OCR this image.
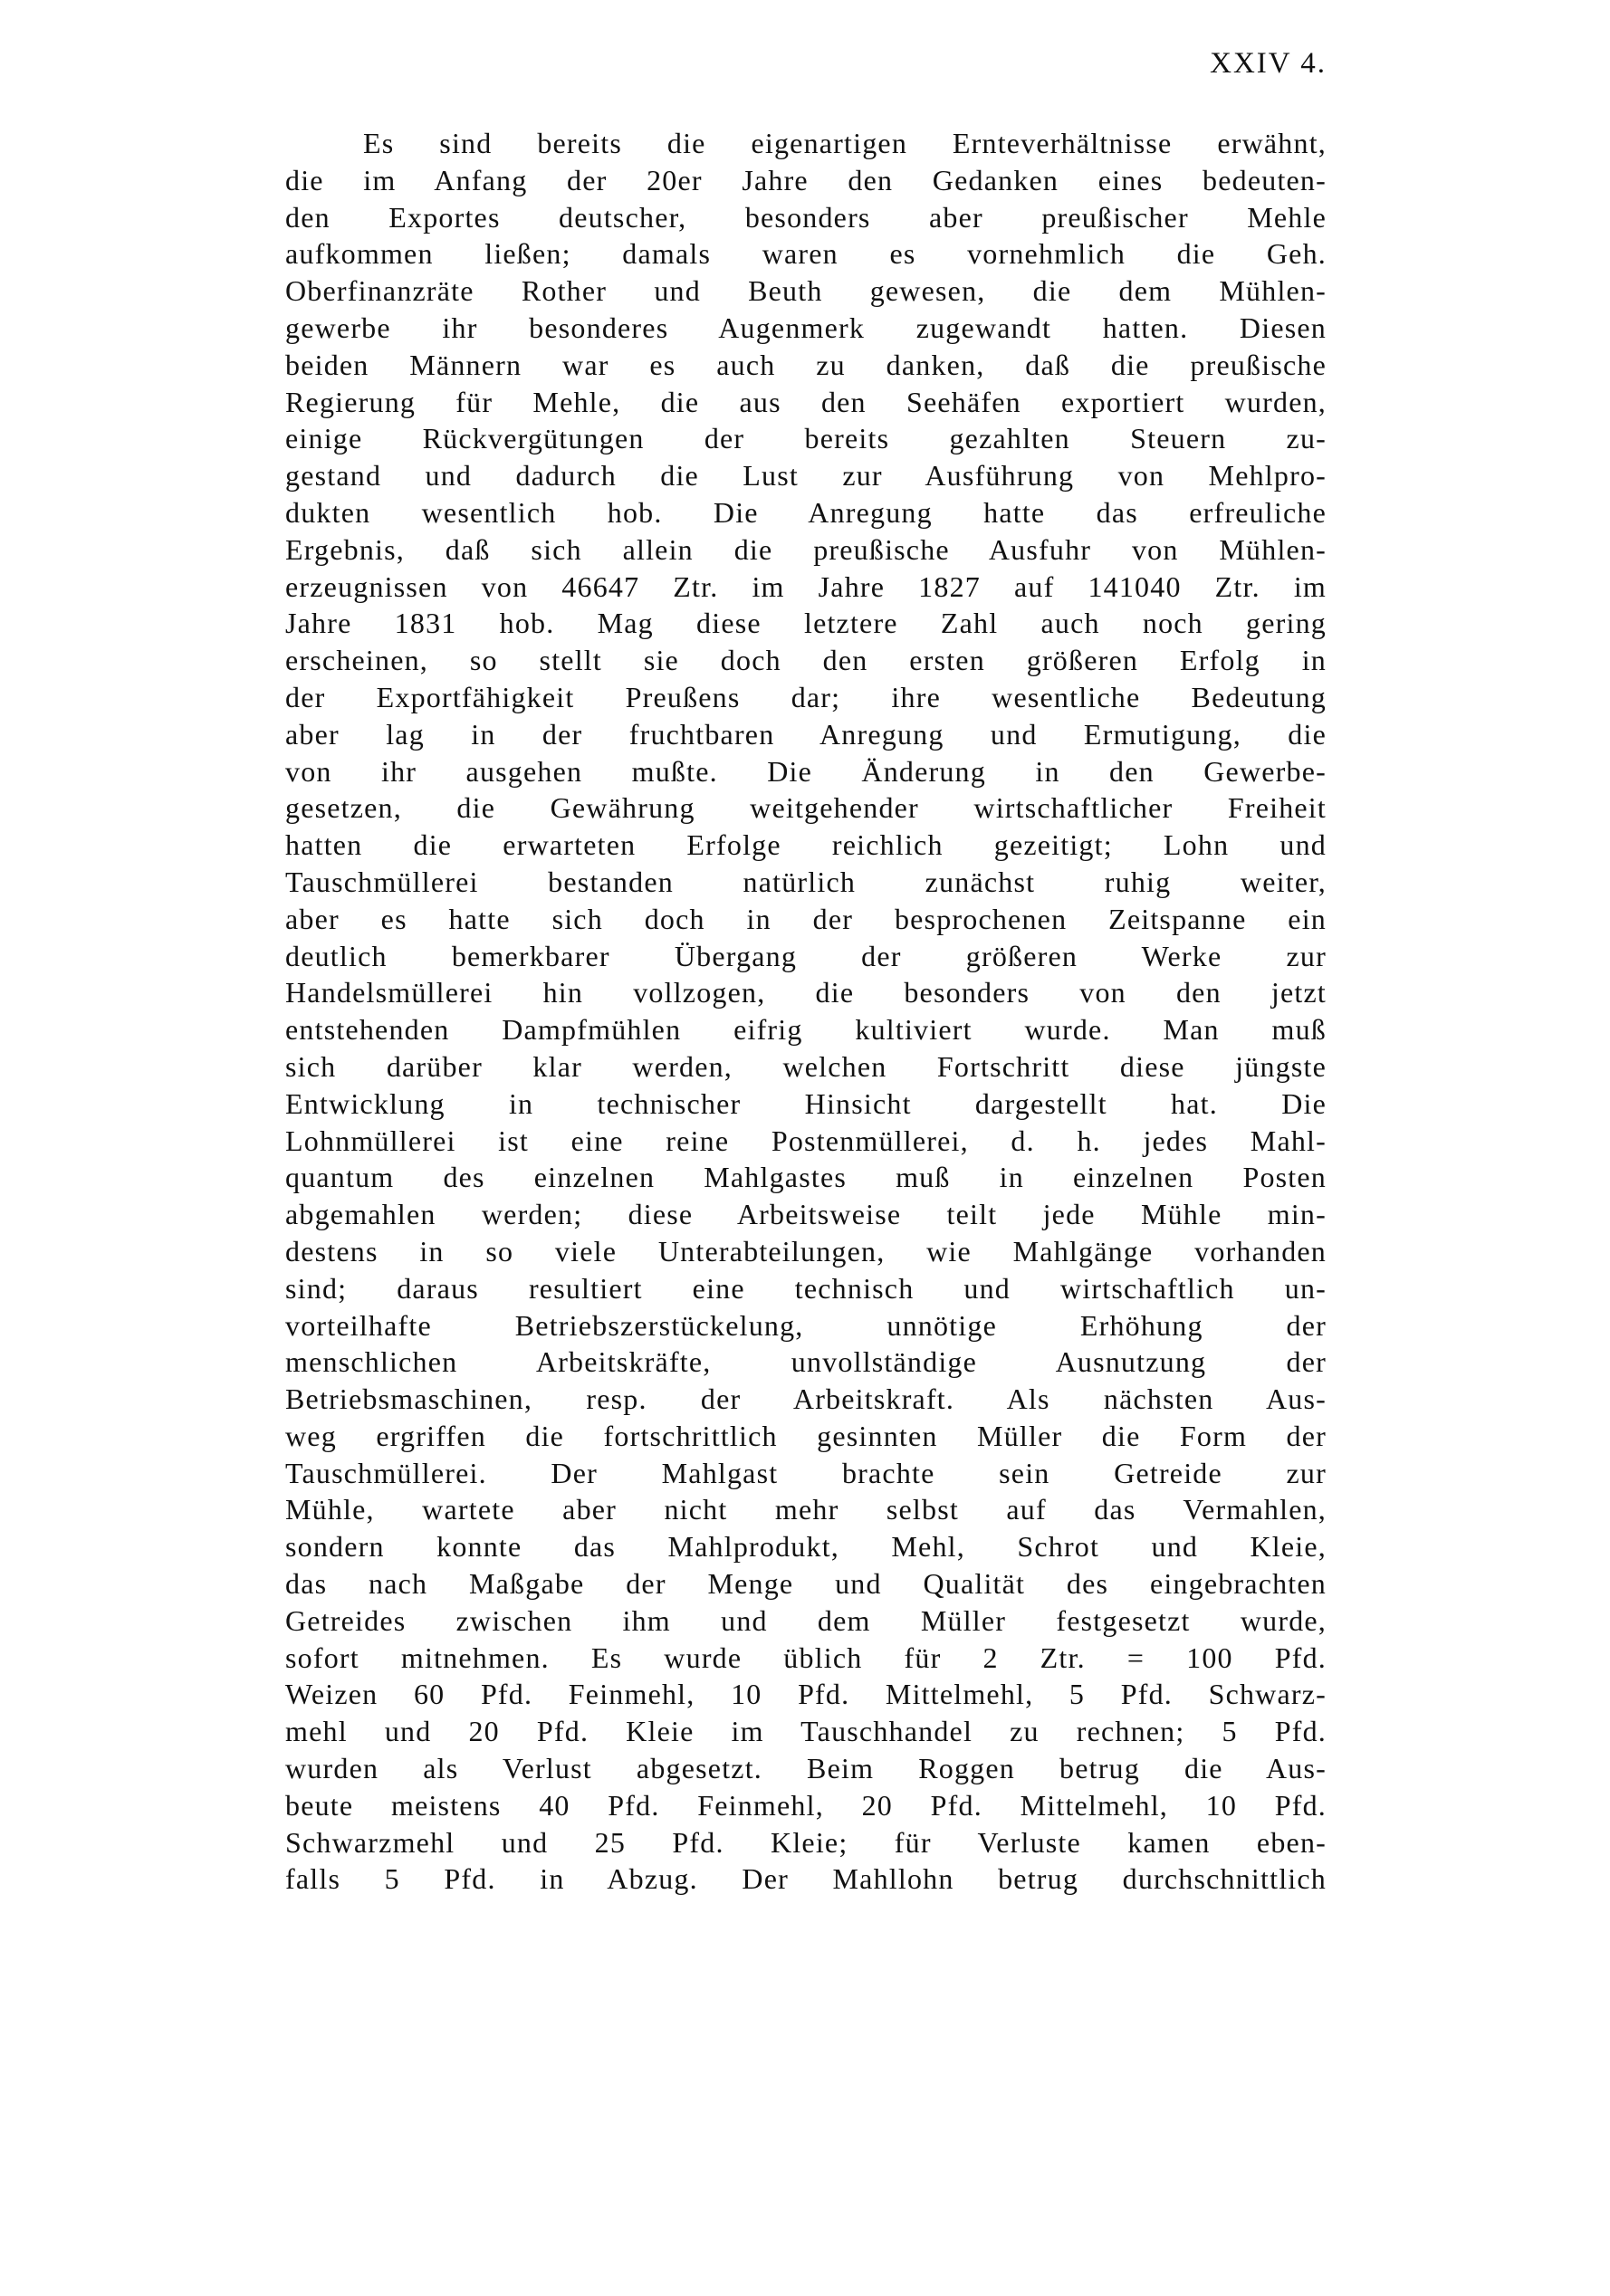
XXIV 4.
Es sind bereits die eigenartigen Ernteverhältnisse erwähnt,
die im Anfang der 20er Jahre den Gedanken eines bedeuten-
den Exportes deutscher, besonders aber preußischer Mehle
aufkommen ließen; damals waren es vornehmlich die Geh.
Oberfinanzräte Rother und Beuth gewesen, die dem Mühlen-
gewerbe ihr besonderes Augenmerk zugewandt hatten. Diesen
beiden Männern war es auch zu danken, daß die preußische
Regierung für Mehle, die aus den Seehäfen exportiert wurden,
einige Rückvergütungen der bereits gezahlten Steuern zu-
gestand und dadurch die Lust zur Ausführung von Mehlpro-
dukten wesentlich hob. Die Anregung hatte das erfreuliche
Ergebnis, daß sich allein die preußische Ausfuhr von Mühlen-
erzeugnissen von 46647 Ztr. im Jahre 1827 auf 141040 Ztr. im
Jahre 1831 hob. Mag diese letztere Zahl auch noch gering
erscheinen, so stellt sie doch den ersten größeren Erfolg in
der Exportfähigkeit Preußens dar; ihre wesentliche Bedeutung
aber lag in der fruchtbaren Anregung und Ermutigung, die
von ihr ausgehen mußte. Die Änderung in den Gewerbe-
gesetzen, die Gewährung weitgehender wirtschaftlicher Freiheit
hatten die erwarteten Erfolge reichlich gezeitigt; Lohn und
Tauschmüllerei bestanden natürlich zunächst ruhig weiter,
aber es hatte sich doch in der besprochenen Zeitspanne ein
deutlich bemerkbarer Übergang der größeren Werke zur
Handelsmüllerei hin vollzogen, die besonders von den jetzt
entstehenden Dampfmühlen eifrig kultiviert wurde. Man muß
sich darüber klar werden, welchen Fortschritt diese jüngste
Entwicklung in technischer Hinsicht dargestellt hat. Die
Lohnmüllerei ist eine reine Postenmüllerei, d. h. jedes Mahl-
quantum des einzelnen Mahlgastes muß in einzelnen Posten
abgemahlen werden; diese Arbeitsweise teilt jede Mühle min-
destens in so viele Unterabteilungen, wie Mahlgänge vorhanden
sind; daraus resultiert eine technisch und wirtschaftlich un-
vorteilhafte Betriebszerstückelung, unnötige Erhöhung der
menschlichen Arbeitskräfte, unvollständige Ausnutzung der
Betriebsmaschinen, resp. der Arbeitskraft. Als nächsten Aus-
weg ergriffen die fortschrittlich gesinnten Müller die Form der
Tauschmüllerei. Der Mahlgast brachte sein Getreide zur
Mühle, wartete aber nicht mehr selbst auf das Vermahlen,
sondern konnte das Mahlprodukt, Mehl, Schrot und Kleie,
das nach Maßgabe der Menge und Qualität des eingebrachten
Getreides zwischen ihm und dem Müller festgesetzt wurde,
sofort mitnehmen. Es wurde üblich für 2 Ztr. = 100 Pfd.
Weizen 60 Pfd. Feinmehl, 10 Pfd. Mittelmehl, 5 Pfd. Schwarz-
mehl und 20 Pfd. Kleie im Tauschhandel zu rechnen; 5 Pfd.
wurden als Verlust abgesetzt. Beim Roggen betrug die Aus-
beute meistens 40 Pfd. Feinmehl, 20 Pfd. Mittelmehl, 10 Pfd.
Schwarzmehl und 25 Pfd. Kleie; für Verluste kamen eben-
falls 5 Pfd. in Abzug. Der Mahllohn betrug durchschnittlich
